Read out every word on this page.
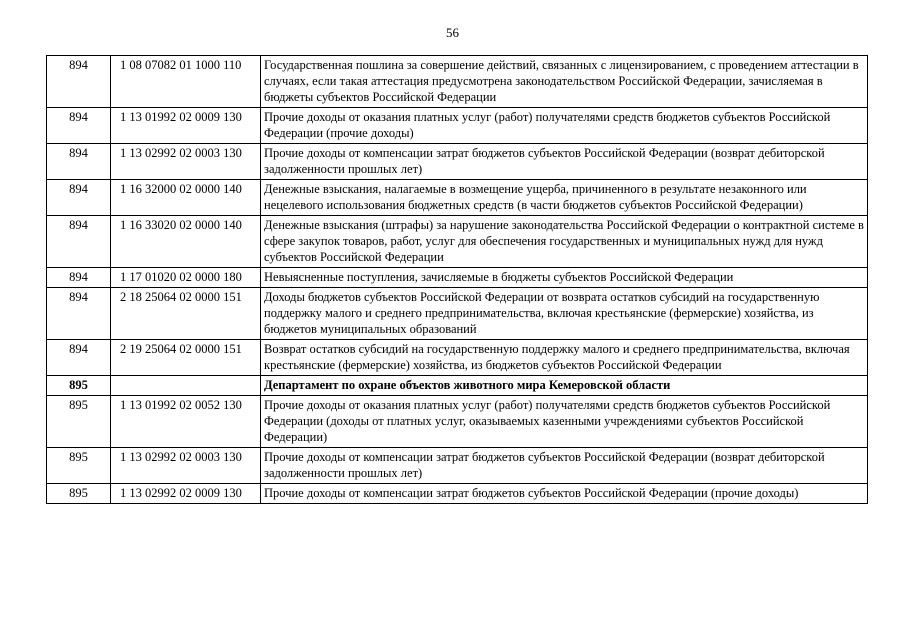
56
894	1 08 07082 01 1000 110	Государственная пошлина за совершение действий, связанных с лицензированием, с проведением аттестации в случаях, если такая аттестация предусмотрена законодательством Российской Федерации, зачисляемая в бюджеты субъектов Российской Федерации
894	1 13 01992 02 0009 130	Прочие доходы от оказания платных услуг (работ) получателями средств бюджетов субъектов Российской Федерации (прочие доходы)
894	1 13 02992 02 0003 130	Прочие доходы от компенсации затрат бюджетов субъектов Российской Федерации (возврат дебиторской задолженности прошлых лет)
894	1 16 32000 02 0000 140	Денежные взыскания, налагаемые в возмещение ущерба, причиненного в результате незаконного или нецелевого использования бюджетных средств (в части бюджетов субъектов Российской Федерации)
894	1 16 33020 02 0000 140	Денежные взыскания (штрафы) за нарушение законодательства Российской Федерации о контрактной системе в сфере закупок товаров, работ, услуг для обеспечения государственных и муниципальных нужд для нужд субъектов Российской Федерации
894	1 17 01020 02 0000 180	Невыясненные поступления, зачисляемые в бюджеты субъектов Российской Федерации
894	2 18 25064 02 0000 151	Доходы бюджетов субъектов Российской Федерации от возврата остатков субсидий на государственную поддержку малого и среднего предпринимательства, включая крестьянские (фермерские) хозяйства, из бюджетов муниципальных образований
894	2 19 25064 02 0000 151	Возврат остатков субсидий на государственную поддержку малого и среднего предпринимательства, включая крестьянские (фермерские) хозяйства, из бюджетов субъектов Российской Федерации
895		Департамент по охране объектов животного мира Кемеровской области
895	1 13 01992 02 0052 130	Прочие доходы от оказания платных услуг (работ) получателями средств бюджетов субъектов Российской Федерации (доходы от платных услуг, оказываемых казенными учреждениями субъектов Российской Федерации)
895	1 13 02992 02 0003 130	Прочие доходы от компенсации затрат бюджетов субъектов Российской Федерации (возврат дебиторской задолженности прошлых лет)
895	1 13 02992 02 0009 130	Прочие доходы от компенсации затрат бюджетов субъектов Российской Федерации (прочие доходы)
